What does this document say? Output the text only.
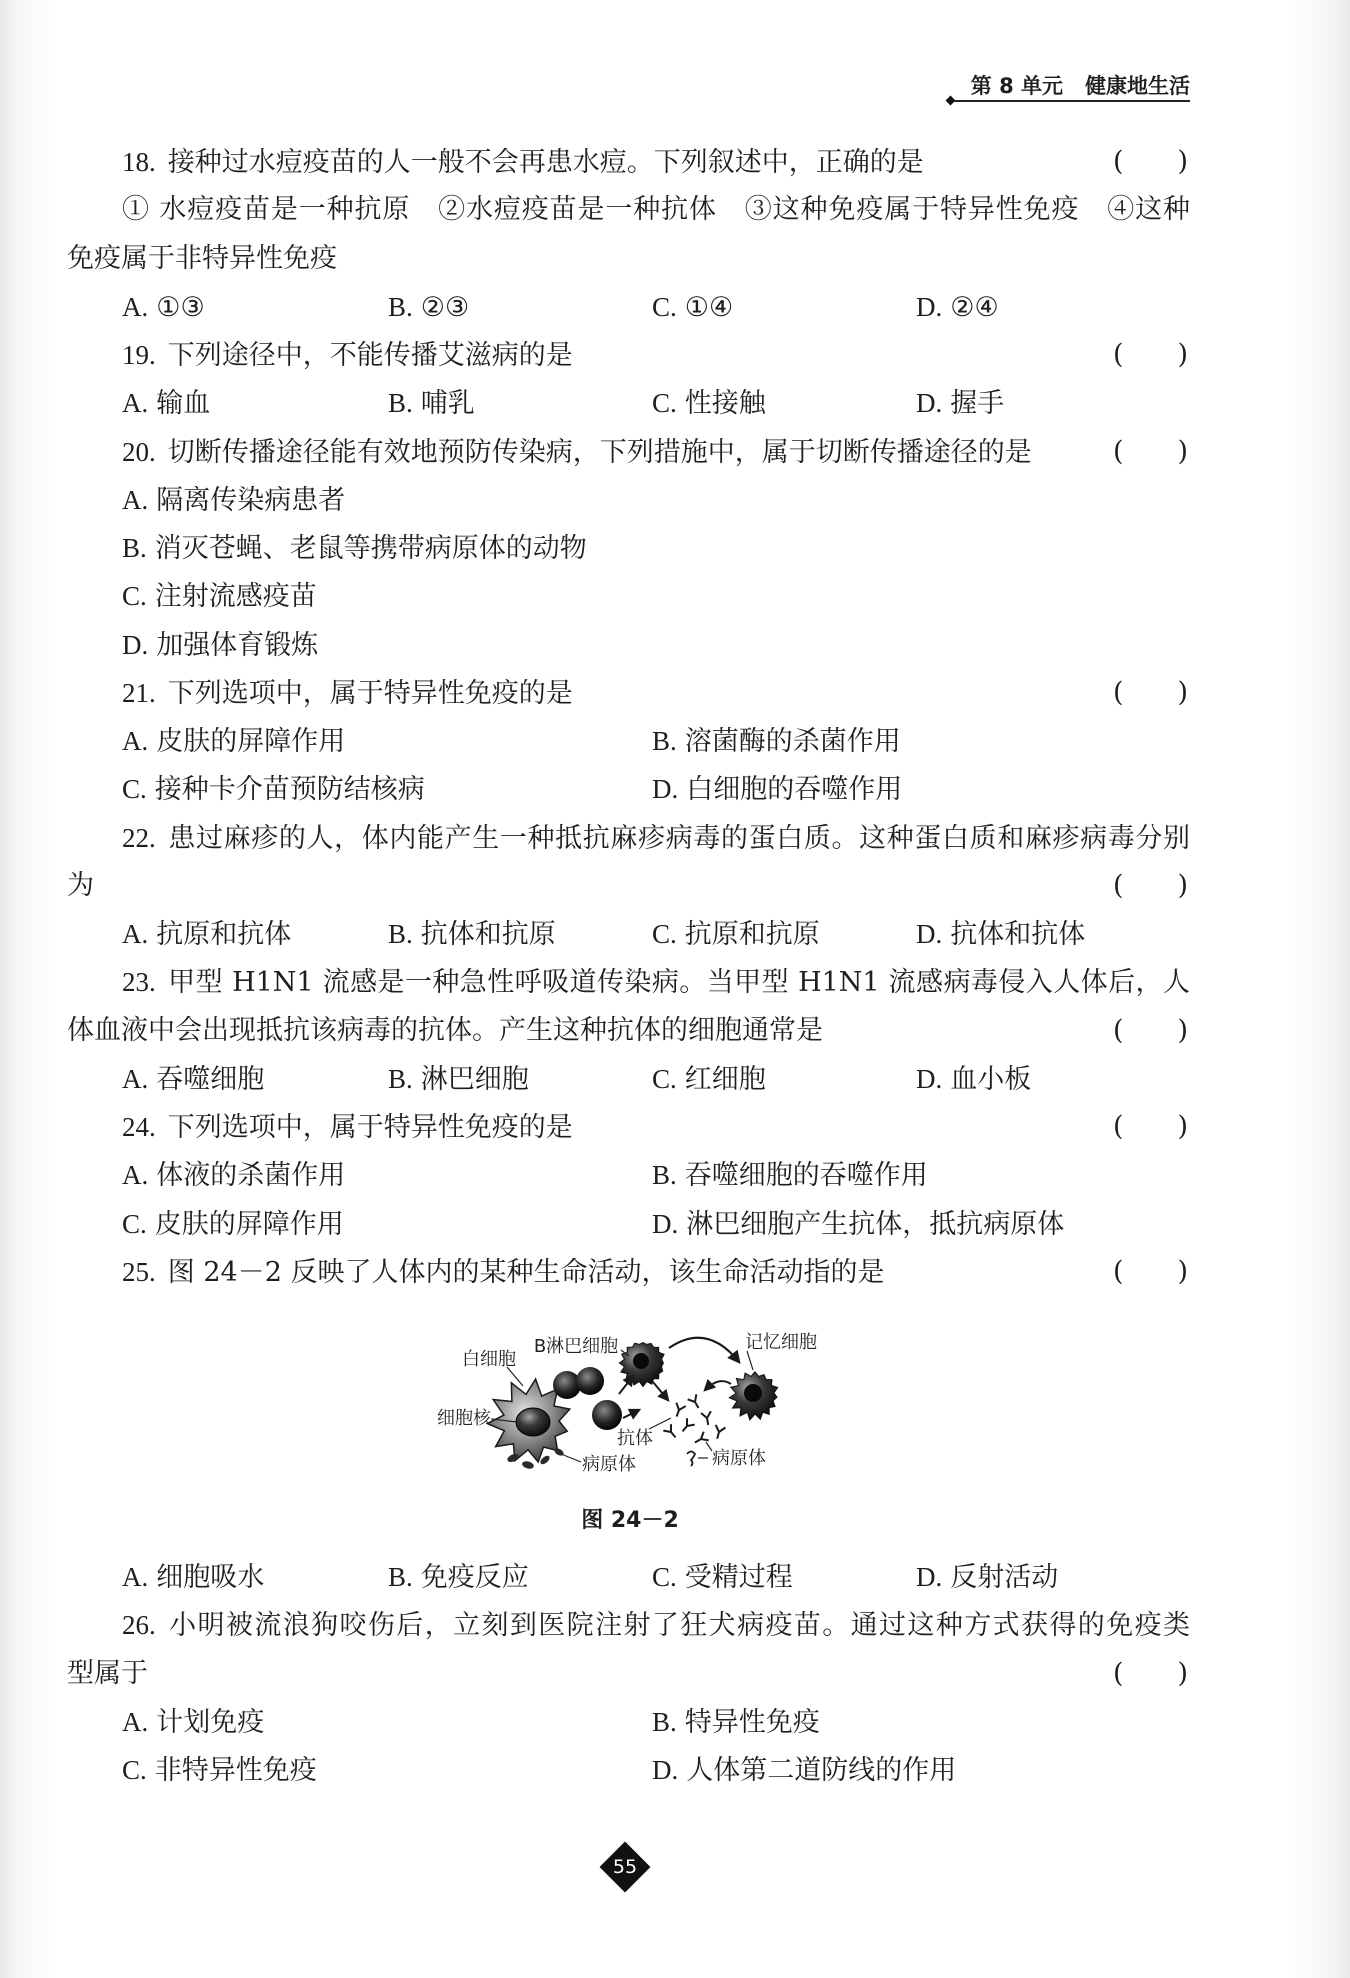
第 8 单元 健康地生活
18. 接种过水痘疫苗的人一般不会再患水痘。下列叙述中，正确的是	(　　)
① 水痘疫苗是一种抗原　②水痘疫苗是一种抗体　③这种免疫属于特异性免疫　④这种
免疫属于非特异性免疫
A. ①③	B. ②③	C. ①④	D. ②④
19. 下列途径中，不能传播艾滋病的是	(　　)
A. 输血	B. 哺乳	C. 性接触	D. 握手
20. 切断传播途径能有效地预防传染病，下列措施中，属于切断传播途径的是	(　　)
A. 隔离传染病患者
B. 消灭苍蝇、老鼠等携带病原体的动物
C. 注射流感疫苗
D. 加强体育锻炼
21. 下列选项中，属于特异性免疫的是	(　　)
A. 皮肤的屏障作用	B. 溶菌酶的杀菌作用
C. 接种卡介苗预防结核病	D. 白细胞的吞噬作用
22. 患过麻疹的人，体内能产生一种抵抗麻疹病毒的蛋白质。这种蛋白质和麻疹病毒分别
为	(　　)
A. 抗原和抗体	B. 抗体和抗原	C. 抗原和抗原	D. 抗体和抗体
23. 甲型 H1N1 流感是一种急性呼吸道传染病。当甲型 H1N1 流感病毒侵入人体后，人
体血液中会出现抵抗该病毒的抗体。产生这种抗体的细胞通常是	(　　)
A. 吞噬细胞	B. 淋巴细胞	C. 红细胞	D. 血小板
24. 下列选项中，属于特异性免疫的是	(　　)
A. 体液的杀菌作用	B. 吞噬细胞的吞噬作用
C. 皮肤的屏障作用	D. 淋巴细胞产生抗体，抵抗病原体
25. 图 24－2 反映了人体内的某种生命活动，该生命活动指的是	(　　)
白细胞
B淋巴细胞	记忆细胞
细胞核
抗体
病原体	病原体
图 24－2
A. 细胞吸水	B. 免疫反应	C. 受精过程	D. 反射活动
26. 小明被流浪狗咬伤后，立刻到医院注射了狂犬病疫苗。通过这种方式获得的免疫类
型属于	(　　)
A. 计划免疫	B. 特异性免疫
C. 非特异性免疫	D. 人体第二道防线的作用
55
